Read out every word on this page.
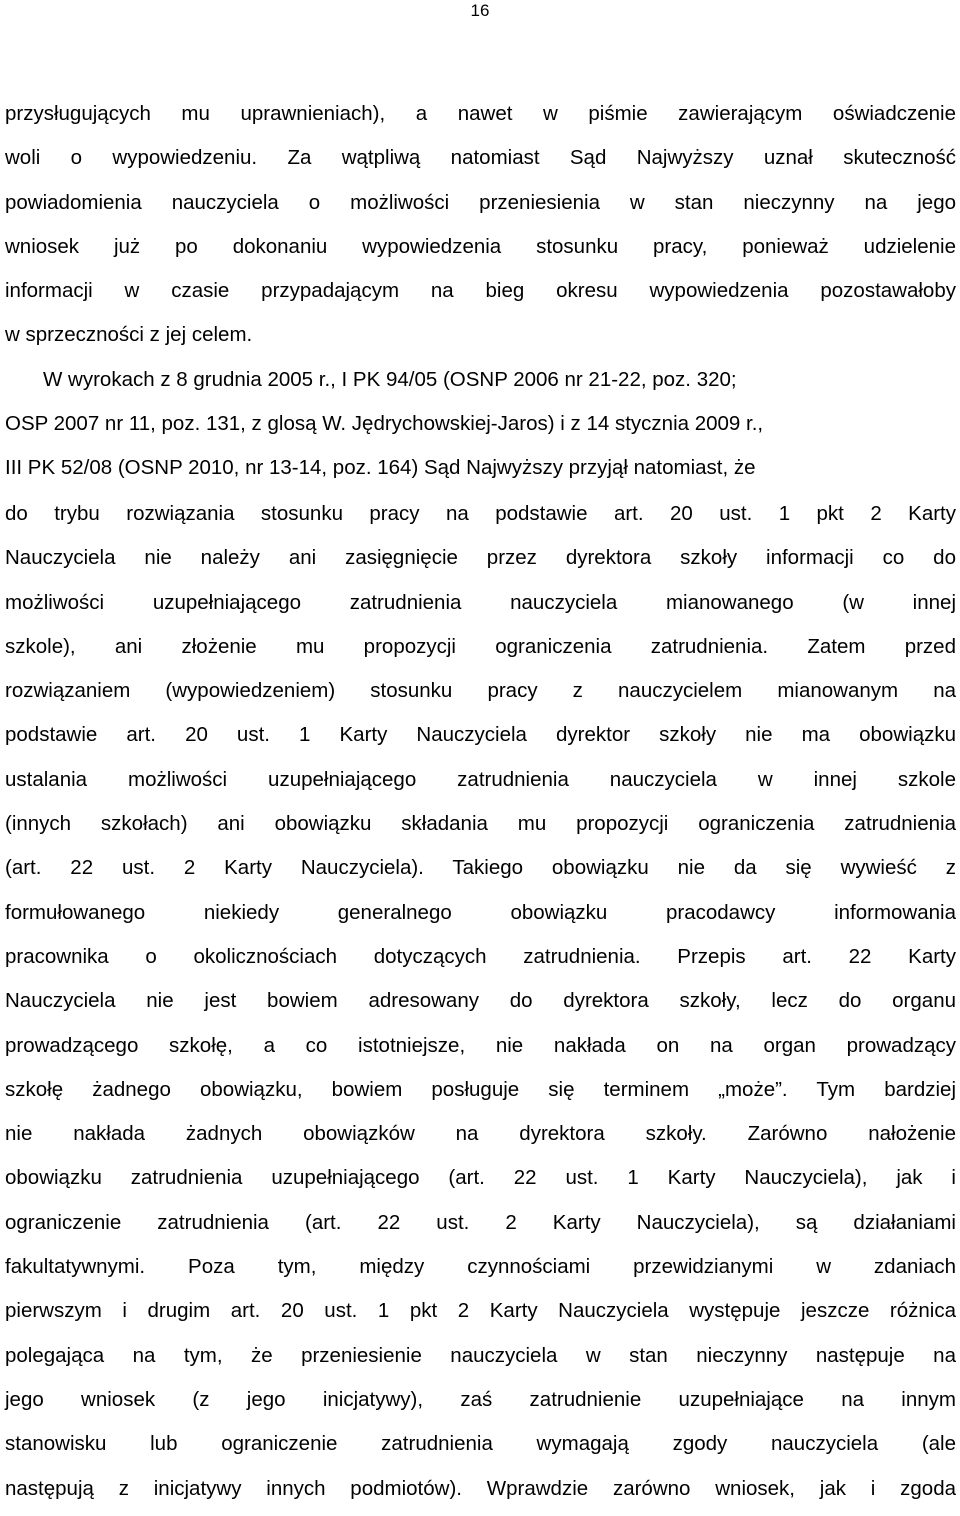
16
przysługujących mu uprawnieniach), a nawet w piśmie zawierającym oświadczenie
woli o wypowiedzeniu. Za wątpliwą natomiast Sąd Najwyższy uznał skuteczność
powiadomienia nauczyciela o możliwości przeniesienia w stan nieczynny na jego
wniosek już po dokonaniu wypowiedzenia stosunku pracy, ponieważ udzielenie
informacji w czasie przypadającym na bieg okresu wypowiedzenia pozostawałoby
w sprzeczności z jej celem.
W wyrokach z 8 grudnia 2005 r., I PK 94/05 (OSNP 2006 nr 21-22, poz. 320;
OSP 2007 nr 11, poz. 131, z glosą W. Jędrychowskiej-Jaros) i z 14 stycznia 2009 r.,
III PK 52/08 (OSNP 2010, nr 13-14, poz. 164) Sąd Najwyższy przyjął natomiast, że
do trybu rozwiązania stosunku pracy na podstawie art. 20 ust. 1 pkt 2 Karty
Nauczyciela nie należy ani zasięgnięcie przez dyrektora szkoły informacji co do
możliwości uzupełniającego zatrudnienia nauczyciela mianowanego (w innej
szkole), ani złożenie mu propozycji ograniczenia zatrudnienia. Zatem przed
rozwiązaniem (wypowiedzeniem) stosunku pracy z nauczycielem mianowanym na
podstawie art. 20 ust. 1 Karty Nauczyciela dyrektor szkoły nie ma obowiązku
ustalania możliwości uzupełniającego zatrudnienia nauczyciela w innej szkole
(innych szkołach) ani obowiązku składania mu propozycji ograniczenia zatrudnienia
(art. 22 ust. 2 Karty Nauczyciela). Takiego obowiązku nie da się wywieść z
formułowanego niekiedy generalnego obowiązku pracodawcy informowania
pracownika o okolicznościach dotyczących zatrudnienia. Przepis art. 22 Karty
Nauczyciela nie jest bowiem adresowany do dyrektora szkoły, lecz do organu
prowadzącego szkołę, a co istotniejsze, nie nakłada on na organ prowadzący
szkołę żadnego obowiązku, bowiem posługuje się terminem „może”. Tym bardziej
nie nakłada żadnych obowiązków na dyrektora szkoły. Zarówno nałożenie
obowiązku zatrudnienia uzupełniającego (art. 22 ust. 1 Karty Nauczyciela), jak i
ograniczenie zatrudnienia (art. 22 ust. 2 Karty Nauczyciela), są działaniami
fakultatywnymi. Poza tym, między czynnościami przewidzianymi w zdaniach
pierwszym i drugim art. 20 ust. 1 pkt 2 Karty Nauczyciela występuje jeszcze różnica
polegająca na tym, że przeniesienie nauczyciela w stan nieczynny następuje na
jego wniosek (z jego inicjatywy), zaś zatrudnienie uzupełniające na innym
stanowisku lub ograniczenie zatrudnienia wymagają zgody nauczyciela (ale
następują z inicjatywy innych podmiotów). Wprawdzie zarówno wniosek, jak i zgoda
